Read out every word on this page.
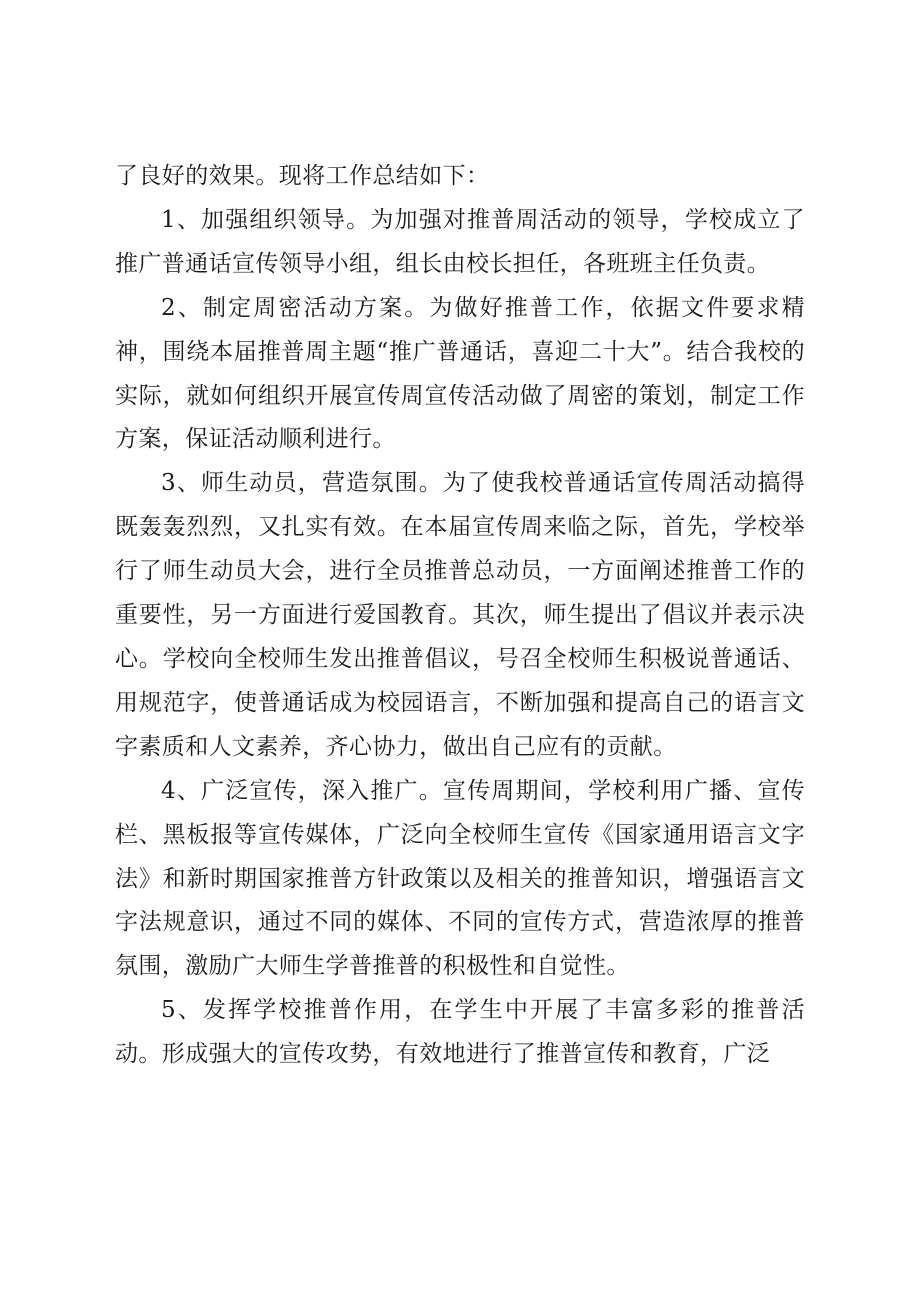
了良好的效果。现将工作总结如下：

1、加强组织领导。为加强对推普周活动的领导，学校成立了推广普通话宣传领导小组，组长由校长担任，各班班主任负责。

2、制定周密活动方案。为做好推普工作，依据文件要求精神，围绕本届推普周主题“推广普通话，喜迎二十大”。结合我校的实际，就如何组织开展宣传周宣传活动做了周密的策划，制定工作方案，保证活动顺利进行。

3、师生动员，营造氛围。为了使我校普通话宣传周活动搞得既轰轰烈烈，又扎实有效。在本届宣传周来临之际，首先，学校举行了师生动员大会，进行全员推普总动员，一方面阐述推普工作的重要性，另一方面进行爱国教育。其次，师生提出了倡议并表示决心。学校向全校师生发出推普倡议，号召全校师生积极说普通话、用规范字，使普通话成为校园语言，不断加强和提高自己的语言文字素质和人文素养，齐心协力，做出自己应有的贡献。

4、广泛宣传，深入推广。宣传周期间，学校利用广播、宣传栏、黑板报等宣传媒体，广泛向全校师生宣传《国家通用语言文字法》和新时期国家推普方针政策以及相关的推普知识，增强语言文字法规意识，通过不同的媒体、不同的宣传方式，营造浓厚的推普氛围，激励广大师生学普推普的积极性和自觉性。

5、发挥学校推普作用，在学生中开展了丰富多彩的推普活动。形成强大的宣传攻势，有效地进行了推普宣传和教育，广泛
